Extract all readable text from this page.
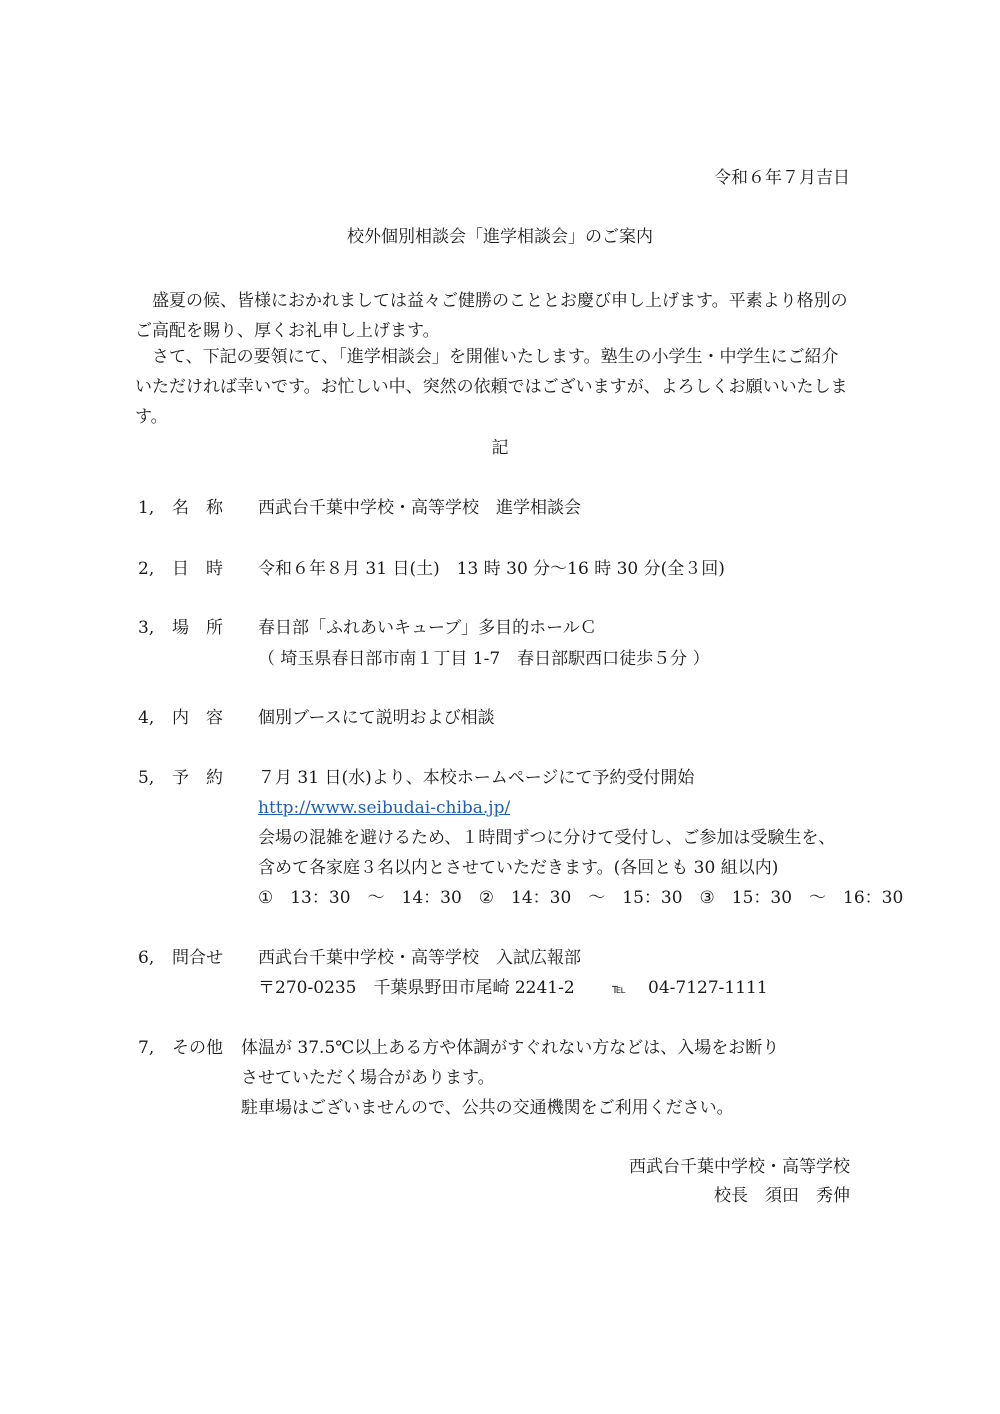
令和６年７月吉日
校外個別相談会「進学相談会」のご案内
盛夏の候、皆様におかれましては益々ご健勝のこととお慶び申し上げます。平素より格別のご高配を賜り、厚くお礼申し上げます。
さて、下記の要領にて、「進学相談会」を開催いたします。塾生の小学生・中学生にご紹介いただければ幸いです。お忙しい中、突然の依頼ではございますが、よろしくお願いいたします。
記
1, 名　称 西武台千葉中学校・高等学校　進学相談会
2, 日　時 令和６年８月 31 日(土)　13 時 30 分～16 時 30 分(全３回)
3, 場　所 春日部「ふれあいキューブ」多目的ホールＣ
（ 埼玉県春日部市南１丁目 1-7　春日部駅西口徒歩５分 ）
4, 内　容 個別ブースにて説明および相談
5, 予　約 ７月 31 日(水)より、本校ホームページにて予約受付開始
http://www.seibudai-chiba.jp/
会場の混雑を避けるため、１時間ずつに分けて受付し、ご参加は受験生を、
含めて各家庭３名以内とさせていただきます。(各回とも 30 組以内)
①　13：30　～　14：30　②　14：30　～　15：30　③　15：30　～　16：30
6, 問合せ 西武台千葉中学校・高等学校　入試広報部
〒270-0235　千葉県野田市尾崎 2241-2	℡ 04-7127-1111
7, その他 体温が 37.5℃以上ある方や体調がすぐれない方などは、入場をお断り
させていただく場合があります。
駐車場はございませんので、公共の交通機関をご利用ください。
西武台千葉中学校・高等学校
校長　須田　秀伸
